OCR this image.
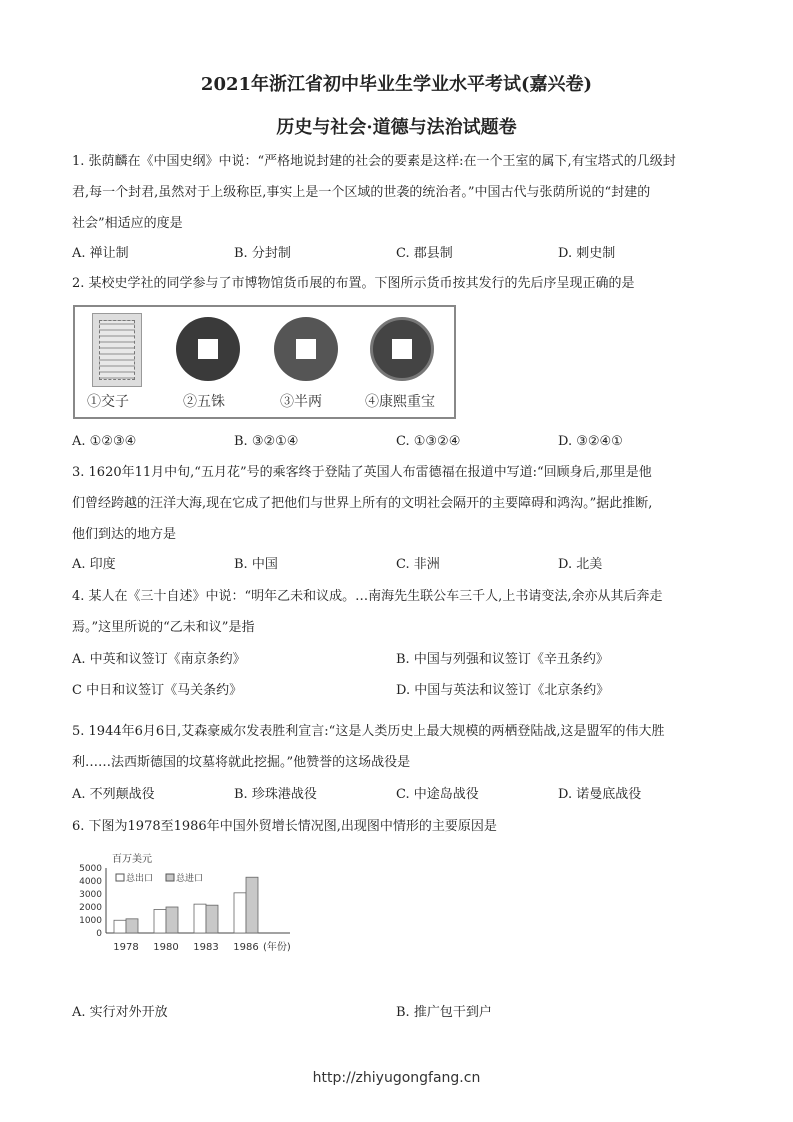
2021年浙江省初中毕业生学业水平考试(嘉兴卷)
历史与社会·道德与法治试题卷
1. 张荫麟在《中国史纲》中说：“严格地说封建的社会的要素是这样:在一个王室的属下,有宝塔式的几级封
君,每一个封君,虽然对于上级称臣,事实上是一个区域的世袭的统治者。”中国古代与张荫所说的“封建的
社会”相适应的度是
A. 禅让制	B. 分封制	C. 郡县制	D. 刺史制
2. 某校史学社的同学参与了市博物馆货币展的布置。下图所示货币按其发行的先后序呈现正确的是
①交子	②五铢	③半两	④康熙重宝
A. ①②③④	B. ③②①④	C. ①③②④	D. ③②④①
3. 1620年11月中旬,“五月花”号的乘客终于登陆了英国人布雷德福在报道中写道:“回顾身后,那里是他
们曾经跨越的汪洋大海,现在它成了把他们与世界上所有的文明社会隔开的主要障碍和鸿沟。”据此推断,
他们到达的地方是
A. 印度	B. 中国	C. 非洲	D. 北美
4. 某人在《三十自述》中说：“明年乙未和议成。…南海先生联公车三千人,上书请变法,余亦从其后奔走
焉。”这里所说的“乙未和议”是指
A. 中英和议签订《南京条约》	B. 中国与列强和议签订《辛丑条约》
C 中日和议签订《马关条约》	D. 中国与英法和议签订《北京条约》
5. 1944年6月6日,艾森豪威尔发表胜利宣言:“这是人类历史上最大规模的两栖登陆战,这是盟军的伟大胜
利……法西斯德国的坟墓将就此挖掘。”他赞誉的这场战役是
A. 不列颠战役	B. 珍珠港战役	C. 中途岛战役	D. 诺曼底战役
6. 下图为1978至1986年中国外贸增长情况图,出现图中情形的主要原因是
百万美元
5000
4000
3000
2000
1000
0
总出口	总进口
1978 1980 1983 1986 (年份)
A. 实行对外开放	B. 推广包干到户
http://zhiyugongfang.cn
